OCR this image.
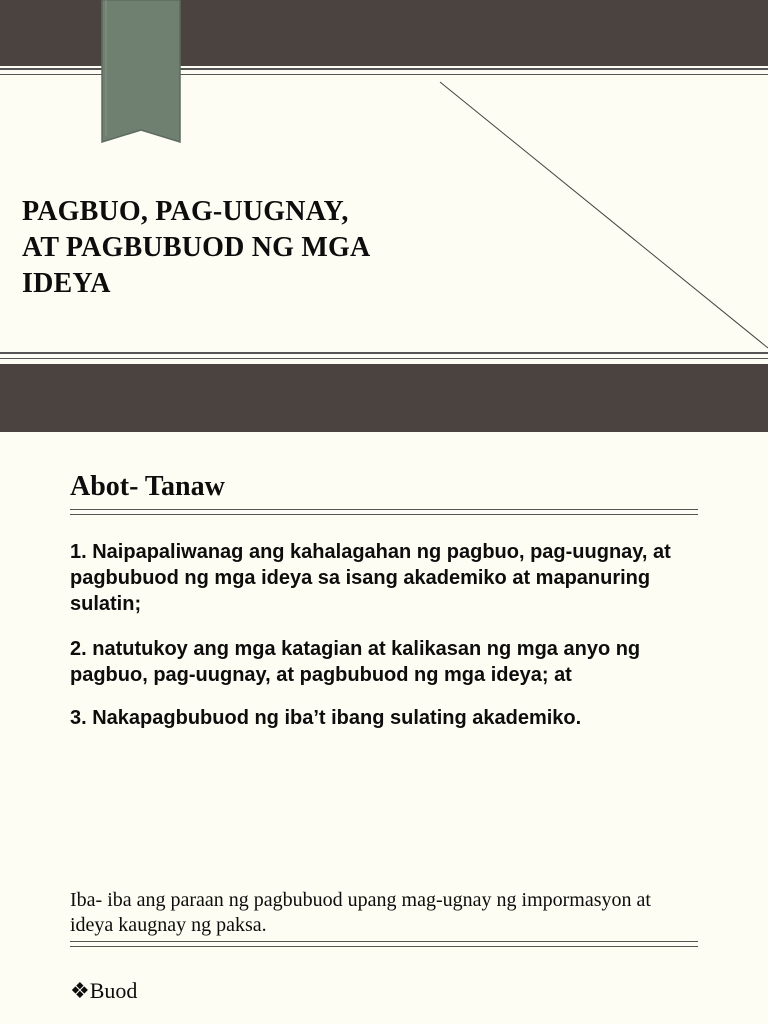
PAGBUO, PAG-UUGNAY,
AT PAGBUBUOD NG MGA
IDEYA
Abot- Tanaw
1. Naipapaliwanag ang kahalagahan ng pagbuo, pag-uugnay, at pagbubuod ng mga ideya sa isang akademiko at mapanuring sulatin;
2. natutukoy ang mga katagian at kalikasan ng mga anyo ng pagbuo, pag-uugnay, at pagbubuod ng mga ideya; at
3. Nakapagbubuod ng iba’t ibang sulating akademiko.
Iba- iba ang paraan ng pagbubuod upang mag-ugnay ng impormasyon at ideya kaugnay ng paksa.
❖Buod
